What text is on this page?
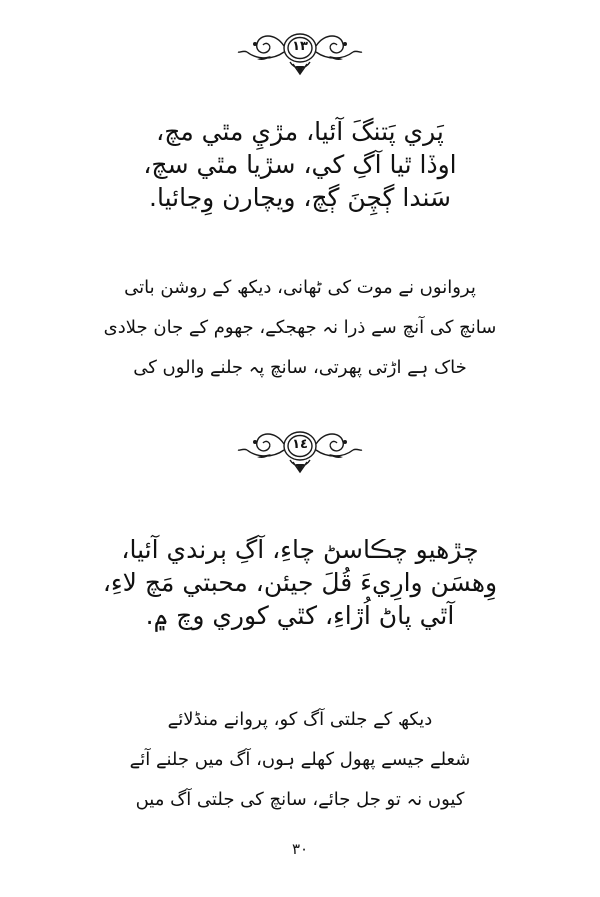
١٣
پَري پَتنگَ آئيا، مڙيِ مٿي مچ،
اوڏا ٿيا آگِ کي، سڙيا مٿي سچ،
سَندا ڳچِنَ ڳچ، ويچارن وِڃائيا.
پروانوں نے موت کی ٹھانی، دیکھ کے روشن باتی
سانچ کی آنچ سے ذرا نہ جھجکے، جھوم کے جان جلادی
خاک ہے اڑتی پھرتی، سانچ پہ جلنے والوں کی
١٤
چڙهيو چڪاسڻ چاءِ، آگِ ٻرندي آئيا،
وِهسَن وارِيءَ قُلَ جيئن، محبتي مَچ لاءِ،
آٿي پاڻ اُڙاءِ، کٿي کوري وچ ۾.
دیکھ کے جلتی آگ کو، پروانے منڈلائے
شعلے جیسے پھول کھلے ہوں، آگ میں جلنے آئے
کیوں نہ تو جل جائے، سانچ کی جلتی آگ میں
٣٠
